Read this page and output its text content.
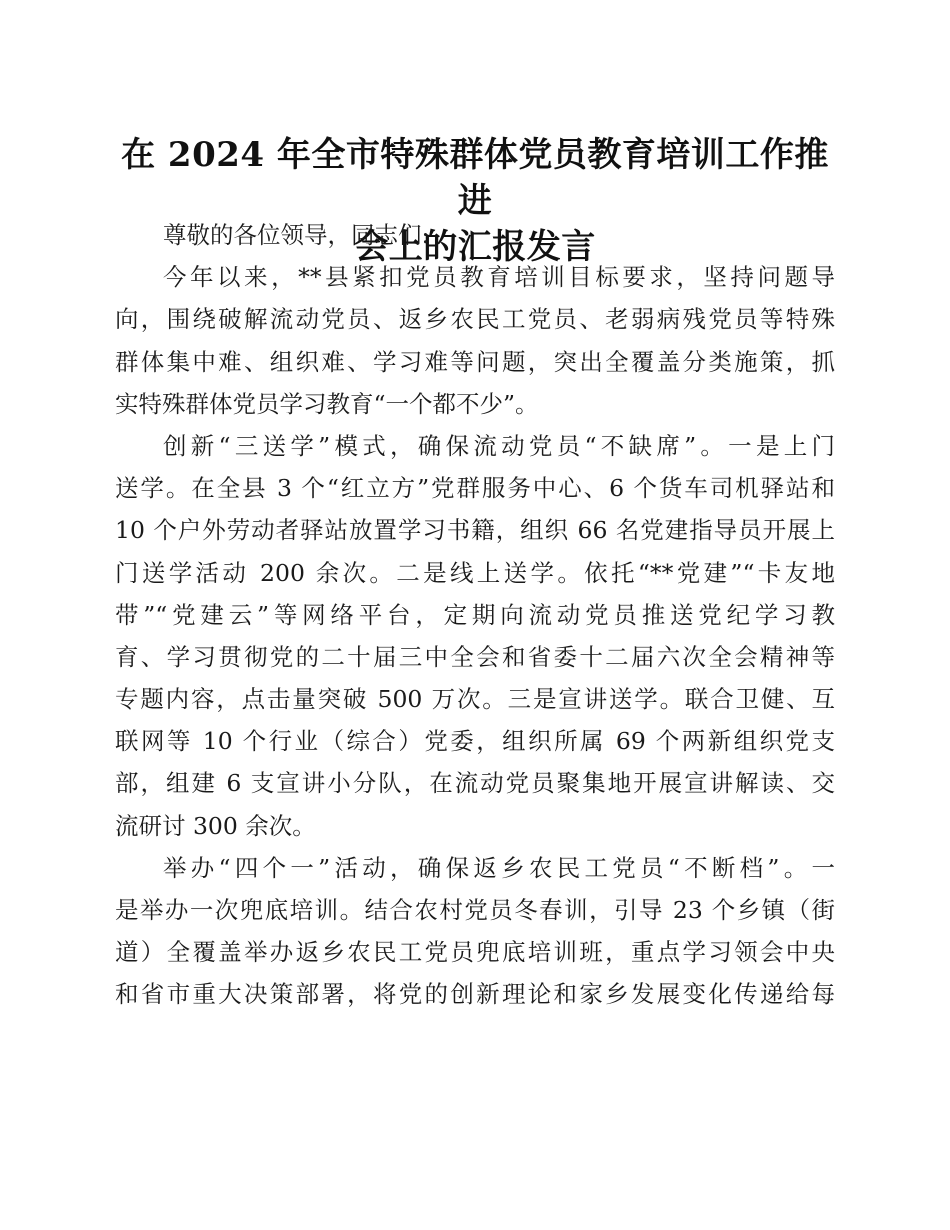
在 2024 年全市特殊群体党员教育培训工作推进
会上的汇报发言
尊敬的各位领导，同志们:
今年以来，**县紧扣党员教育培训目标要求，坚持问题导
向，围绕破解流动党员、返乡农民工党员、老弱病残党员等特殊
群体集中难、组织难、学习难等问题，突出全覆盖分类施策，抓
实特殊群体党员学习教育“一个都不少”。
创新“三送学”模式，确保流动党员“不缺席”。一是上门
送学。在全县 3 个“红立方”党群服务中心、6 个货车司机驿站和
10 个户外劳动者驿站放置学习书籍，组织 66 名党建指导员开展上
门送学活动 200 余次。二是线上送学。依托“**党建”“卡友地
带”“党建云”等网络平台，定期向流动党员推送党纪学习教
育、学习贯彻党的二十届三中全会和省委十二届六次全会精神等
专题内容，点击量突破 500 万次。三是宣讲送学。联合卫健、互
联网等 10 个行业（综合）党委，组织所属 69 个两新组织党支
部，组建 6 支宣讲小分队，在流动党员聚集地开展宣讲解读、交
流研讨 300 余次。
举办“四个一”活动，确保返乡农民工党员“不断档”。一
是举办一次兜底培训。结合农村党员冬春训，引导 23 个乡镇（街
道）全覆盖举办返乡农民工党员兜底培训班，重点学习领会中央
和省市重大决策部署，将党的创新理论和家乡发展变化传递给每
